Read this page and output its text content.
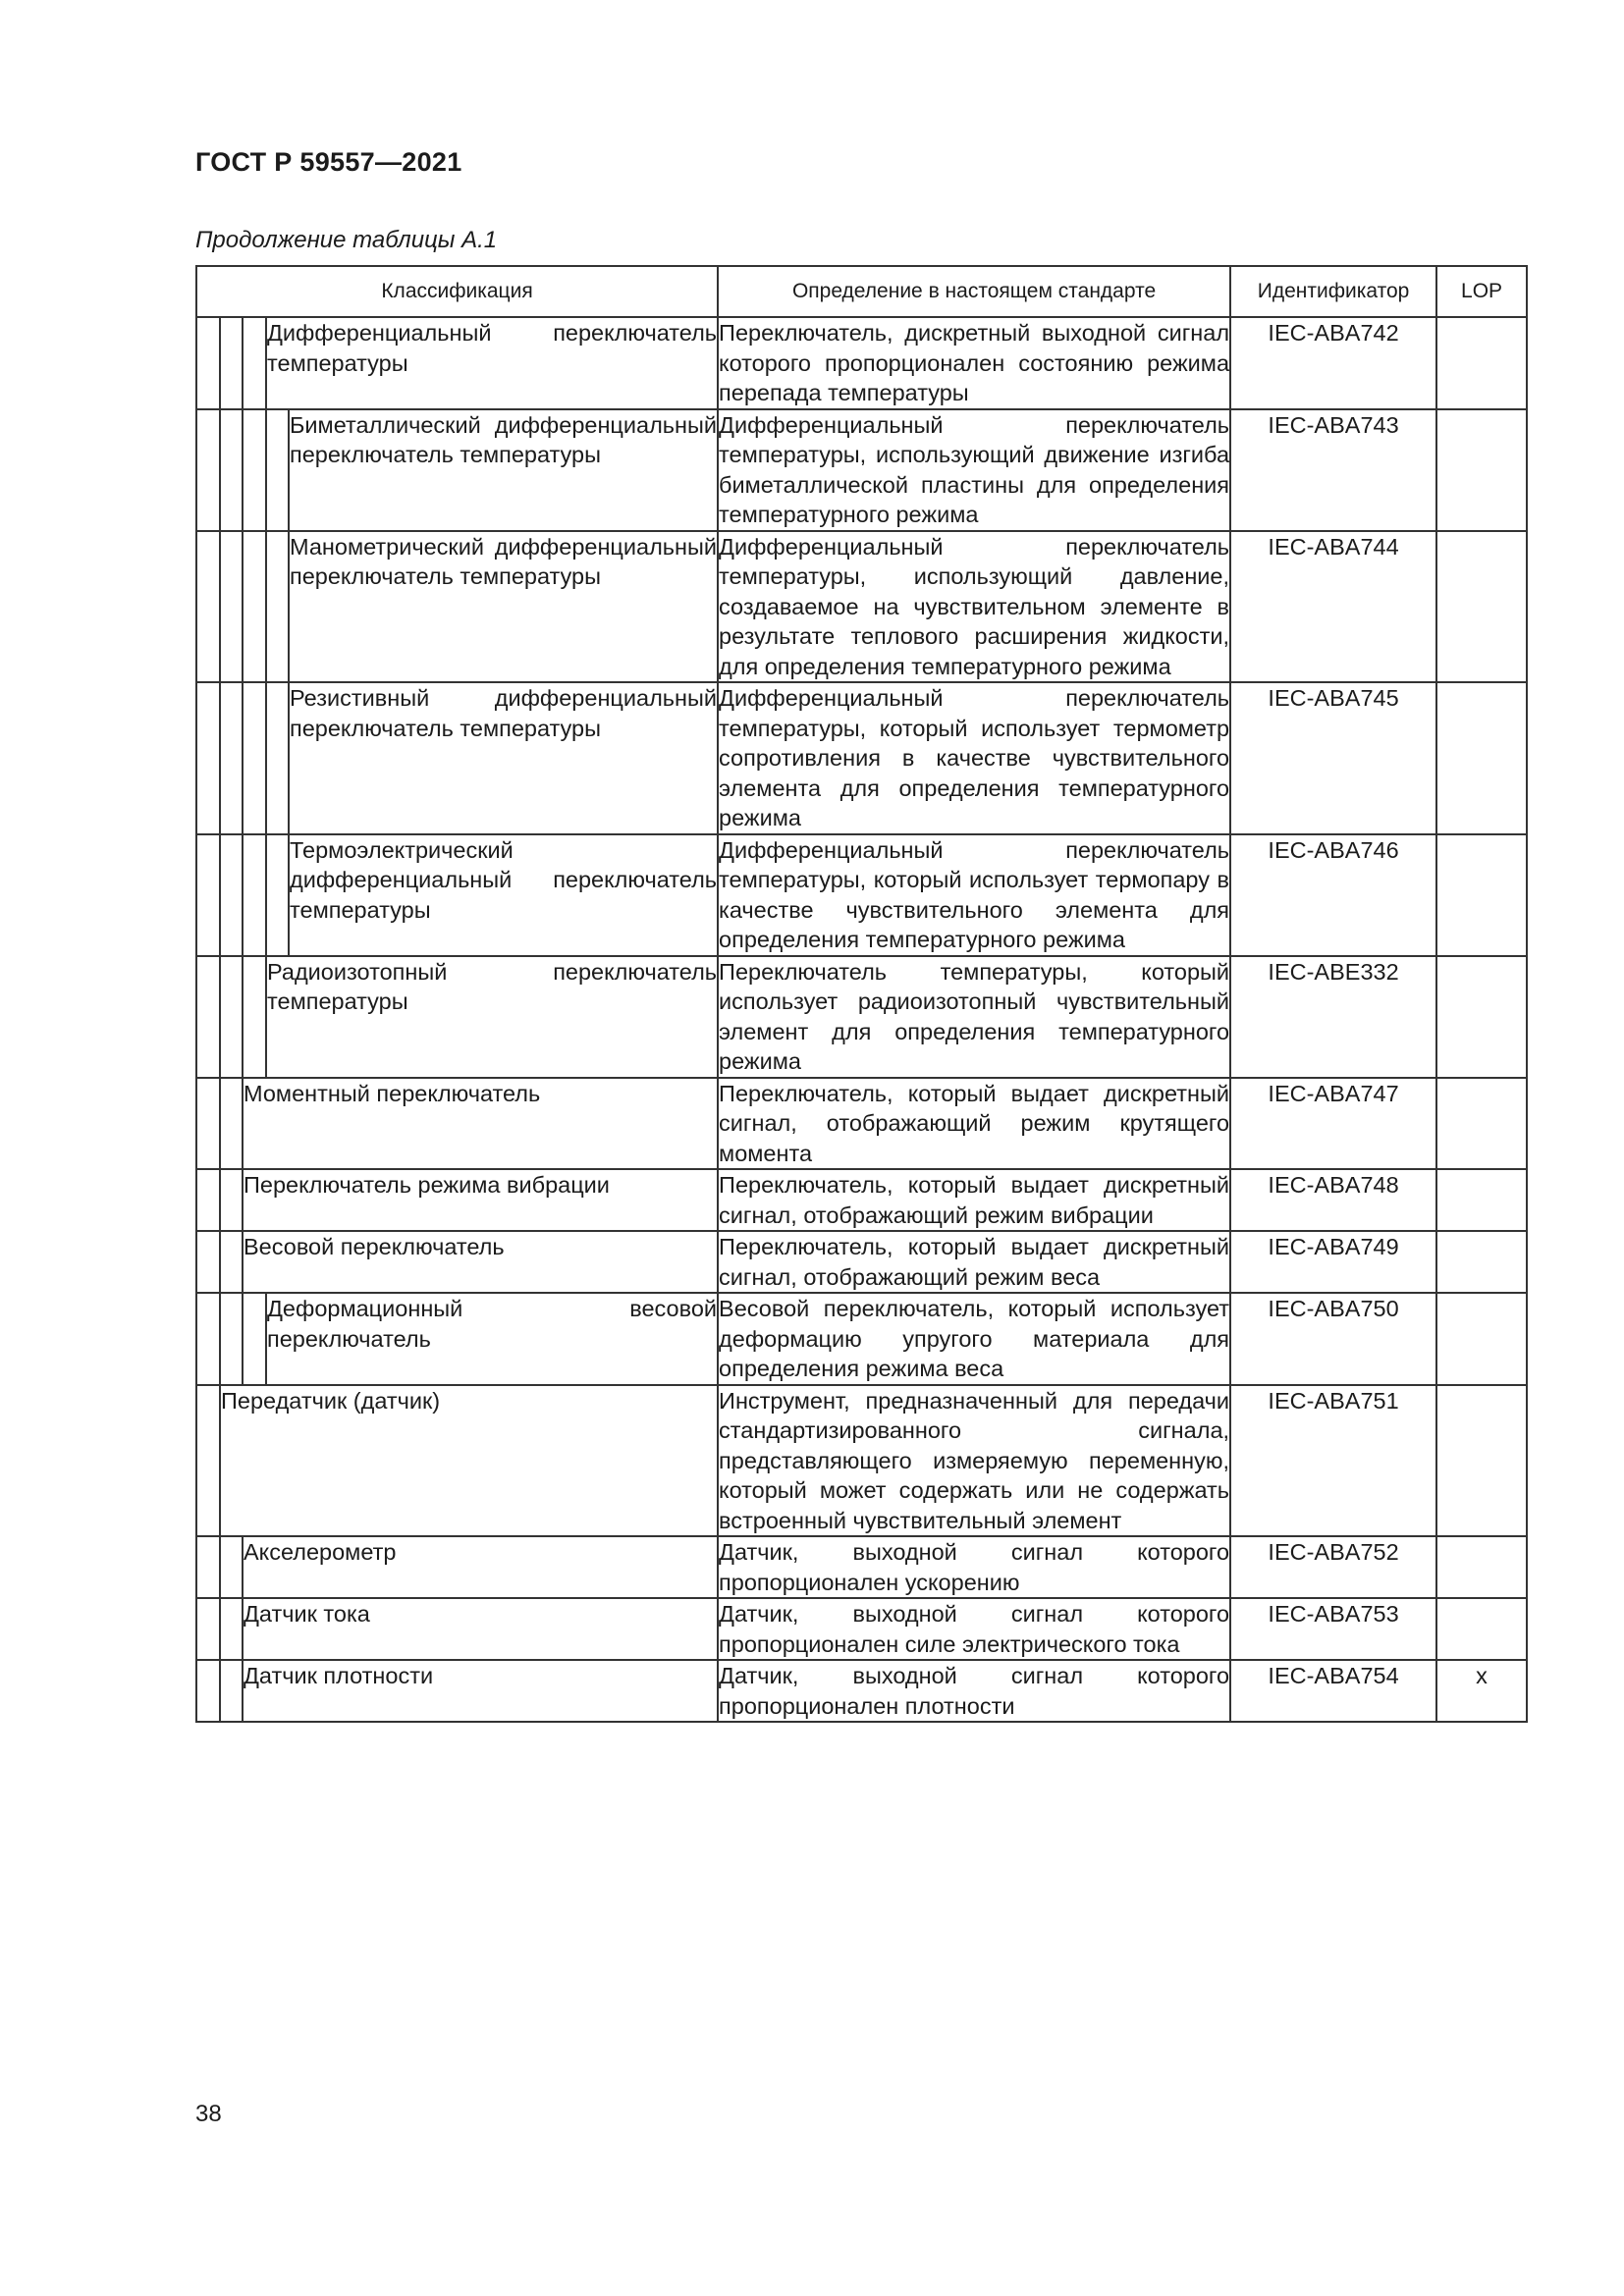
ГОСТ Р 59557—2021
Продолжение таблицы А.1
Классификация					Определение в настоящем стандарте	Идентификатор	LOP
			Дифференциальный переключатель температуры		Переключатель, дискретный выходной сигнал которого пропорционален состоянию режима перепада температуры	IEC-ABA742	
				Биметаллический дифференциальный переключатель температуры	Дифференциальный переключатель температуры, использующий движение изгиба биметаллической пластины для определения температурного режима	IEC-ABA743	
				Манометрический дифференциальный переключатель температуры	Дифференциальный переключатель температуры, использующий давление, создаваемое на чувствительном элементе в результате теплового расширения жидкости, для определения температурного режима	IEC-ABA744	
				Резистивный дифференциальный переключатель температуры	Дифференциальный переключатель температуры, который использует термометр сопротивления в качестве чувствительного элемента для определения температурного режима	IEC-ABA745	
				Термоэлектрический дифференциальный переключатель температуры	Дифференциальный переключатель температуры, который использует термопару в качестве чувствительного элемента для определения температурного режима	IEC-ABA746	
			Радиоизотопный переключатель температуры		Переключатель температуры, который использует радиоизотопный чувствительный элемент для определения температурного режима	IEC-ABE332	
		Моментный переключатель			Переключатель, который выдает дискретный сигнал, отображающий режим крутящего момента	IEC-ABA747	
		Переключатель режима вибрации			Переключатель, который выдает дискретный сигнал, отображающий режим вибрации	IEC-ABA748	
		Весовой переключатель			Переключатель, который выдает дискретный сигнал, отображающий режим веса	IEC-ABA749	
			Деформационный весовой переключатель		Весовой переключатель, который использует деформацию упругого материала для определения режима веса	IEC-ABA750	
	Передатчик (датчик)				Инструмент, предназначенный для передачи стандартизированного сигнала, представляющего измеряемую переменную, который может содержать или не содержать встроенный чувствительный элемент	IEC-ABA751	
		Акселерометр			Датчик, выходной сигнал которого пропорционален ускорению	IEC-ABA752	
		Датчик тока			Датчик, выходной сигнал которого пропорционален силе электрического тока	IEC-ABA753	
		Датчик плотности			Датчик, выходной сигнал которого пропорционален плотности	IEC-ABA754	x
38
